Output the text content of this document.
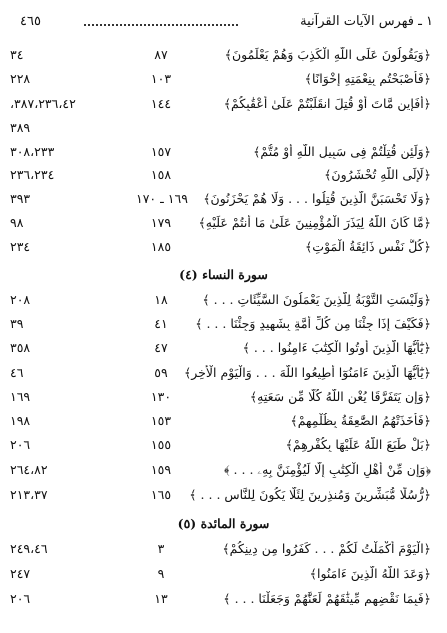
١ ـ فهرس الآيات القرآنية
٤٦٥
﴿وَيَقُولُونَ عَلَى اللَّهِ الْكَذِبَ وَهُمْ يَعْلَمُونَ﴾
٨٧
٣٤
﴿فَأَصْبَحْتُم بِنِعْمَتِهِ إِخْوَانًا﴾
١٠٣
٢٢٨
﴿أَفَإِين مَّاتَ أَوْ قُتِلَ انقَلَبْتُمْ عَلَىٰ أَعْقَٰبِكُمْ﴾
١٤٤
٣٨٧،٢٣٦،٤٢،
٣٨٩
﴿وَلَئِن قُتِلْتُمْ فِى سَبِيلِ اللَّهِ أَوْ مُتُّمْ﴾
١٥٧
٣٠٨،٢٣٣
﴿لَإِلَى اللَّهِ تُحْشَرُونَ﴾
١٥٨
٢٣٦،٢٣٤
﴿وَلَا تَحْسَبَنَّ الَّذِينَ قُتِلُوا . . . وَلَا هُمْ يَحْزَنُونَ﴾
١٦٩ ـ ١٧٠
٣٩٣
﴿مَّا كَانَ اللَّهُ لِيَذَرَ الْمُؤْمِنِينَ عَلَىٰ مَا أَنتُمْ عَلَيْهِ﴾
١٧٩
٩٨
﴿كُلُّ نَفْسٍ ذَائِقَةُ الْمَوْتِ﴾
١٨٥
٢٣٤
سورة النساء (٤)
﴿وَلَيْسَتِ التَّوْبَةُ لِلَّذِينَ يَعْمَلُونَ السَّيِّئَاتِ . . . ﴾
١٨
٢٠٨
﴿فَكَيْفَ إِذَا جِئْنَا مِن كُلِّ أُمَّةٍ بِشَهِيدٍ وَجِئْنَا . . . ﴾
٤١
٣٩
﴿يَٰٓأَيُّهَا الَّذِينَ أُوتُوا الْكِتَٰبَ ءَامِنُوا . . . ﴾
٤٧
٣٥٨
﴿يَٰٓأَيُّهَا الَّذِينَ ءَامَنُوٓا أَطِيعُوا اللَّهَ . . . وَالْيَوْمِ الْأَخِرِ﴾
٥٩
٤٦
﴿وَإِن يَتَفَرَّقَا يُغْنِ اللَّهُ كُلًّا مِّن سَعَتِهِ﴾
١٣٠
١٦٩
﴿فَأَخَذَتْهُمُ الصَّٰعِقَةُ بِظُلْمِهِمْ﴾
١٥٣
١٩٨
﴿بَلْ طَبَعَ اللَّهُ عَلَيْهَا بِكُفْرِهِمْ﴾
١٥٥
٢٠٦
﴿وَإِن مِّنْ أَهْلِ الْكِتَٰبِ إِلَّا لَيُؤْمِنَنَّ بِهِۦ . . . ﴾
١٥٩
٢٦٤،٨٢
﴿رُّسُلًا مُّبَشِّرِينَ وَمُنذِرِينَ لِئَلَّا يَكُونَ لِلنَّاسِ . . . ﴾
١٦٥
٢١٣،٣٧
سورة المائدة (٥)
﴿الْيَوْمَ أَكْمَلْتُ لَكُمْ . . . كَفَرُوا مِن دِينِكُمْ﴾
٣
٢٤٩،٤٦
﴿وَعَدَ اللَّهُ الَّذِينَ ءَامَنُوا﴾
٩
٢٤٧
﴿فَبِمَا نَقْضِهِم مِّيثَٰقَهُمْ لَعَنَّٰهُمْ وَجَعَلْنَا . . . ﴾
١٣
٢٠٦
